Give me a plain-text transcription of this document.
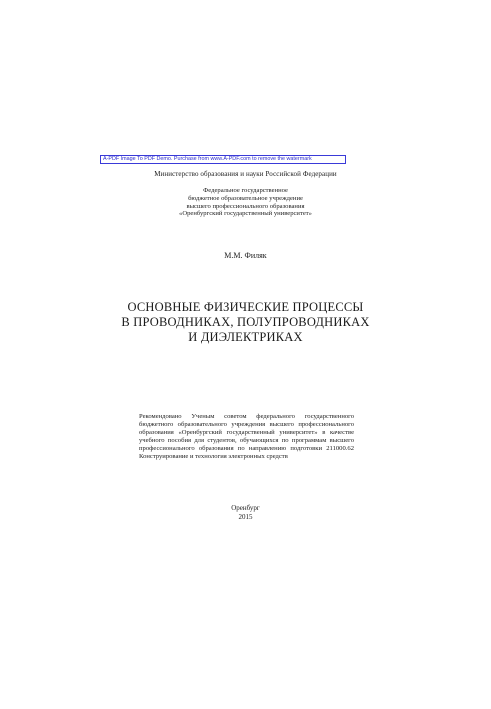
A-PDF Image To PDF Demo. Purchase from www.A-PDF.com to remove the watermark
Министерство образования и науки Российской Федерации
Федеральное государственное
бюджетное образовательное учреждение
высшего профессионального образования
«Оренбургский государственный университет»
М.М. Филяк
ОСНОВНЫЕ ФИЗИЧЕСКИЕ ПРОЦЕССЫ
В ПРОВОДНИКАХ, ПОЛУПРОВОДНИКАХ
И ДИЭЛЕКТРИКАХ
Рекомендовано Ученым советом федерального государственного бюджетного образовательного учреждения высшего профессионального образования «Оренбургский государственный университет» в качестве учебного пособия для студентов, обучающихся по программам высшего профессионального образования по направлению подготовки 211000.62 Конструирование и технология электронных средств
Оренбург
2015
